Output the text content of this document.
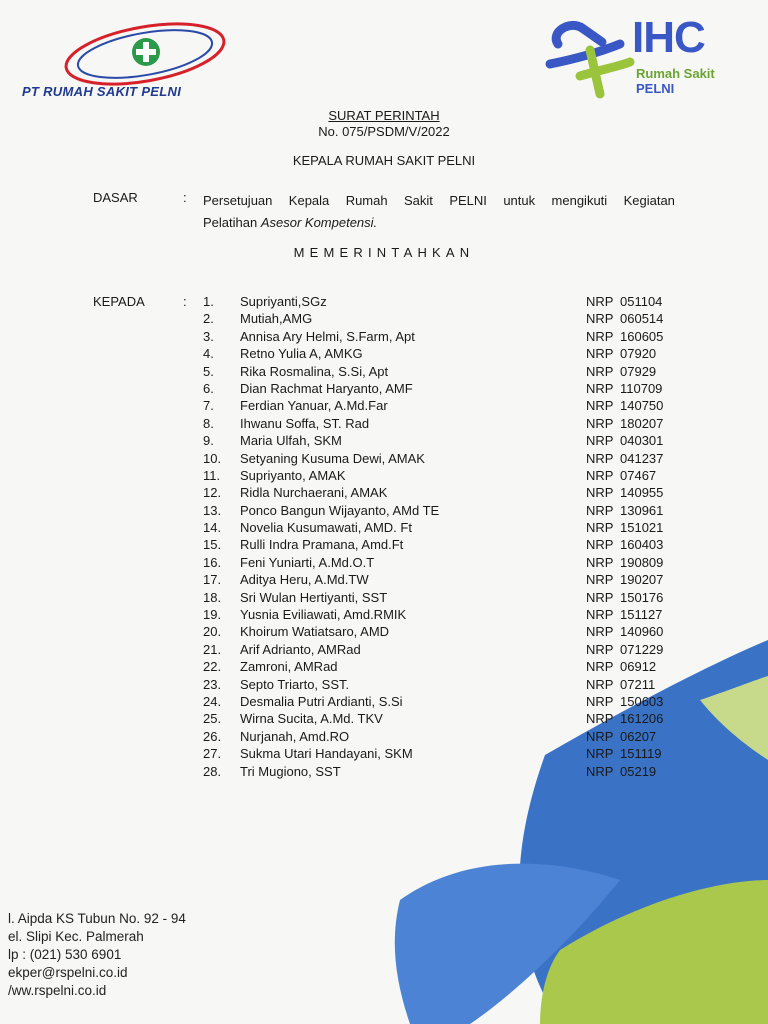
PT RUMAH SAKIT PELNI
IHC
Rumah Sakit
PELNI
SURAT PERINTAH
No. 075/PSDM/V/2022
KEPALA RUMAH SAKIT PELNI
DASAR	: Persetujuan Kepala Rumah Sakit PELNI untuk mengikuti Kegiatan
Pelatihan Asesor Kompetensi.
MEMERINTAHKAN
KEPADA	: 1.	Supriyanti,SGz	NRP 051104
2.	Mutiah,AMG	NRP 060514
3.	Annisa Ary Helmi, S.Farm, Apt	NRP 160605
4.	Retno Yulia A, AMKG	NRP 07920
5.	Rika Rosmalina, S.Si, Apt	NRP 07929
6.	Dian Rachmat Haryanto, AMF	NRP 110709
7.	Ferdian Yanuar, A.Md.Far	NRP 140750
8.	Ihwanu Soffa, ST. Rad	NRP 180207
9.	Maria Ulfah, SKM	NRP 040301
10.	Setyaning Kusuma Dewi, AMAK	NRP 041237
11.	Supriyanto, AMAK	NRP 07467
12.	Ridla Nurchaerani, AMAK	NRP 140955
13.	Ponco Bangun Wijayanto, AMd TE	NRP 130961
14.	Novelia Kusumawati, AMD. Ft	NRP 151021
15.	Rulli Indra Pramana, Amd.Ft	NRP 160403
16.	Feni Yuniarti, A.Md.O.T	NRP 190809
17.	Aditya Heru, A.Md.TW	NRP 190207
18.	Sri Wulan Hertiyanti, SST	NRP 150176
19.	Yusnia Eviliawati, Amd.RMIK	NRP 151127
20.	Khoirum Watiatsaro, AMD	NRP 140960
21.	Arif Adrianto, AMRad	NRP 071229
22.	Zamroni, AMRad	NRP 06912
23.	Septo Triarto, SST.	NRP 07211
24.	Desmalia Putri Ardianti, S.Si	NRP 150603
25.	Wirna Sucita, A.Md. TKV	NRP 161206
26.	Nurjanah, Amd.RO	NRP 06207
27.	Sukma Utari Handayani, SKM	NRP 151119
28.	Tri Mugiono, SST	NRP 05219
l. Aipda KS Tubun No. 92 - 94
el. Slipi Kec. Palmerah
lp : (021) 530 6901
ekper@rspelni.co.id
/ww.rspelni.co.id
